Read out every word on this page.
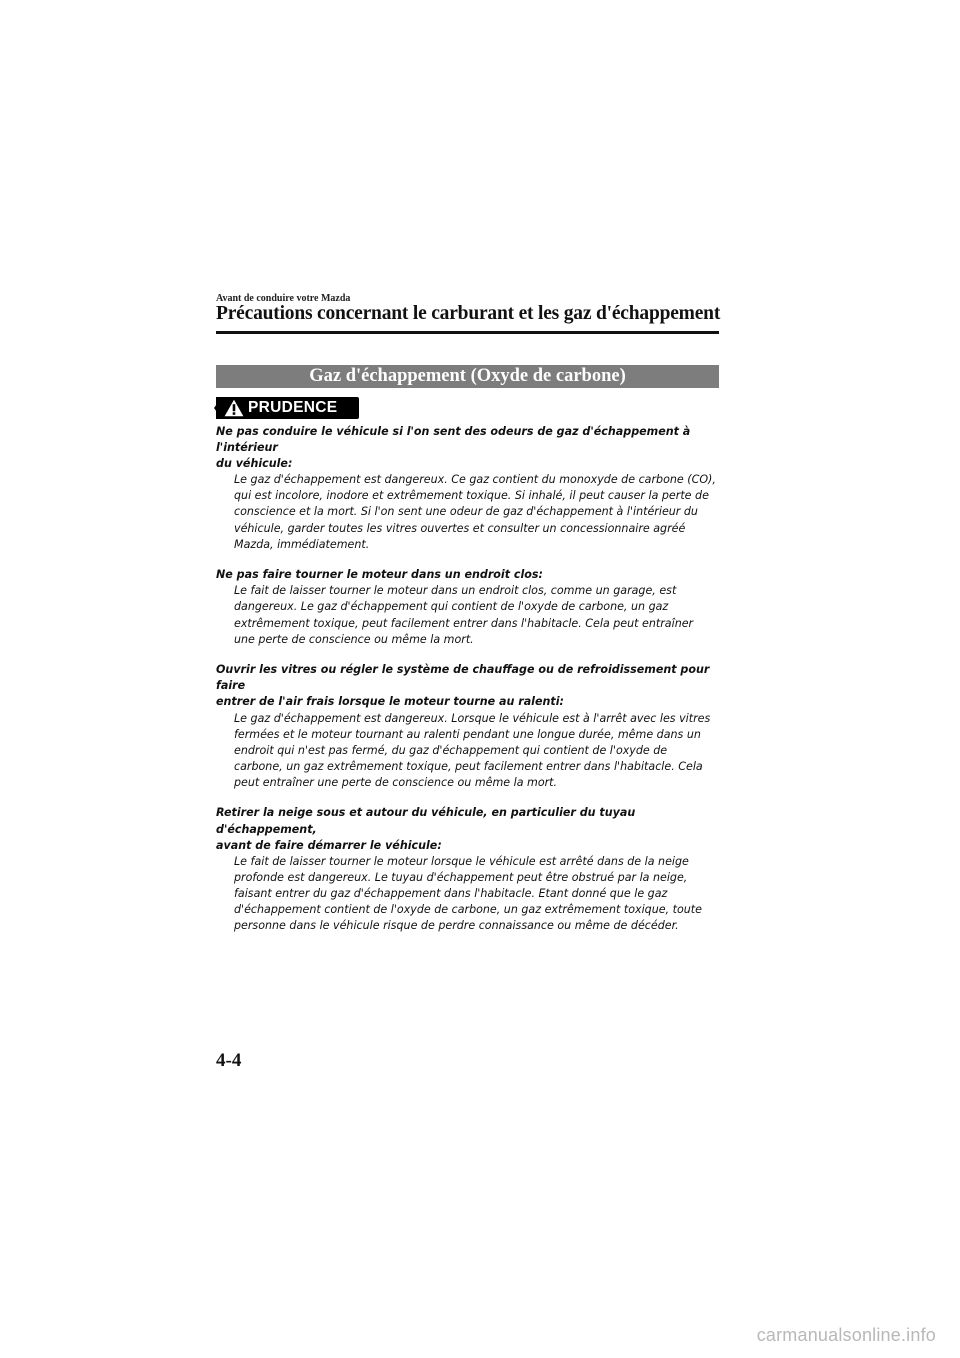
Avant de conduire votre Mazda
Précautions concernant le carburant et les gaz d'échappement
Gaz d'échappement (Oxyde de carbone)
PRUDENCE

Ne pas conduire le véhicule si l'on sent des odeurs de gaz d'échappement à l'intérieur
du véhicule:

Le gaz d'échappement est dangereux. Ce gaz contient du monoxyde de carbone (CO),
qui est incolore, inodore et extrêmement toxique. Si inhalé, il peut causer la perte de
conscience et la mort. Si l'on sent une odeur de gaz d'échappement à l'intérieur du
véhicule, garder toutes les vitres ouvertes et consulter un concessionnaire agréé
Mazda, immédiatement.

Ne pas faire tourner le moteur dans un endroit clos:

Le fait de laisser tourner le moteur dans un endroit clos, comme un garage, est
dangereux. Le gaz d'échappement qui contient de l'oxyde de carbone, un gaz
extrêmement toxique, peut facilement entrer dans l'habitacle. Cela peut entraîner
une perte de conscience ou même la mort.

Ouvrir les vitres ou régler le système de chauffage ou de refroidissement pour faire
entrer de l'air frais lorsque le moteur tourne au ralenti:

Le gaz d'échappement est dangereux. Lorsque le véhicule est à l'arrêt avec les vitres
fermées et le moteur tournant au ralenti pendant une longue durée, même dans un
endroit qui n'est pas fermé, du gaz d'échappement qui contient de l'oxyde de
carbone, un gaz extrêmement toxique, peut facilement entrer dans l'habitacle. Cela
peut entraîner une perte de conscience ou même la mort.

Retirer la neige sous et autour du véhicule, en particulier du tuyau d'échappement,
avant de faire démarrer le véhicule:

Le fait de laisser tourner le moteur lorsque le véhicule est arrêté dans de la neige
profonde est dangereux. Le tuyau d'échappement peut être obstrué par la neige,
faisant entrer du gaz d'échappement dans l'habitacle. Etant donné que le gaz
d'échappement contient de l'oxyde de carbone, un gaz extrêmement toxique, toute
personne dans le véhicule risque de perdre connaissance ou même de décéder.

4-4
carmanualsonline.info
